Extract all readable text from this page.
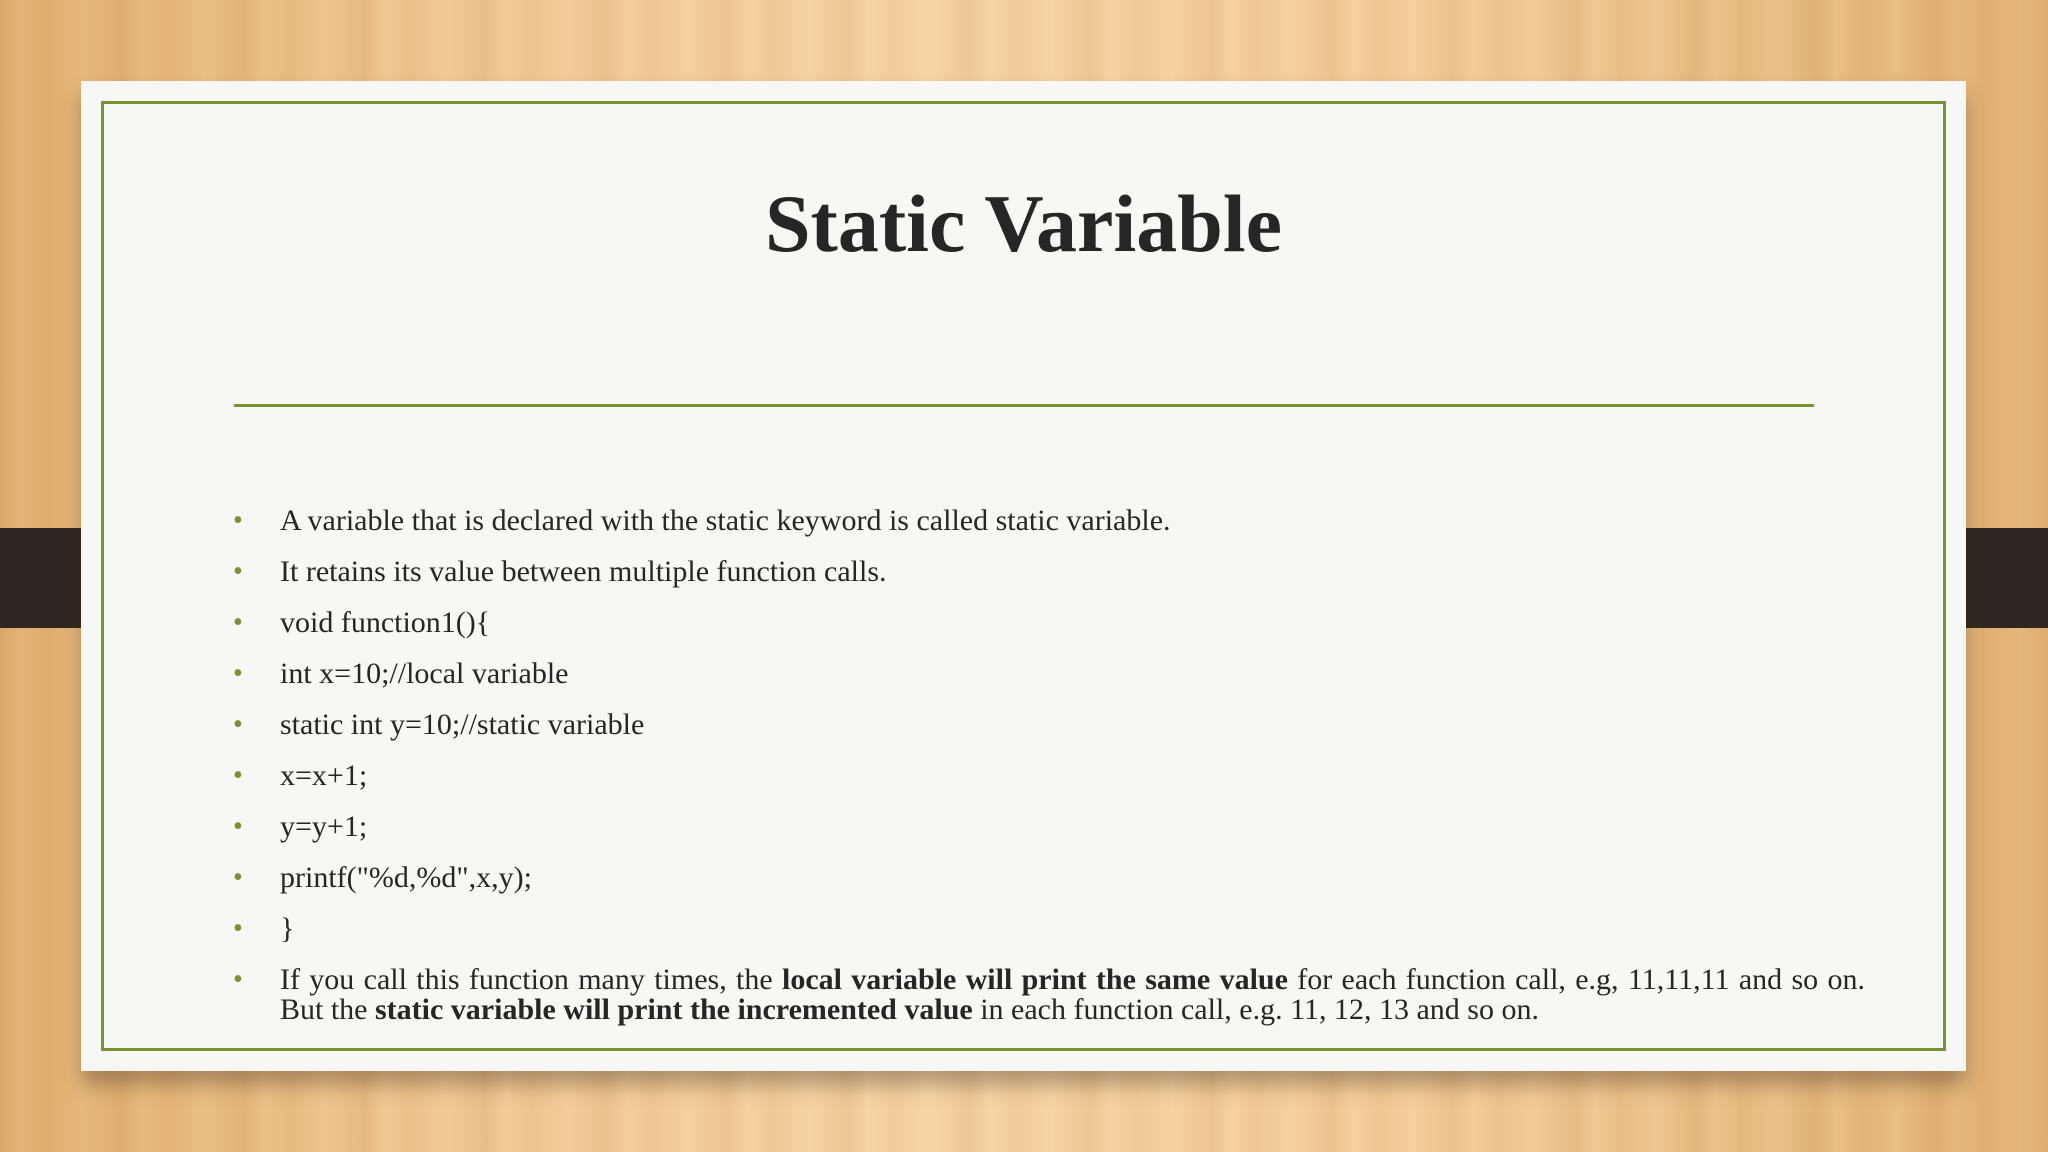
Static Variable
• A variable that is declared with the static keyword is called static variable.
• It retains its value between multiple function calls.
• void function1(){
• int x=10;//local variable
• static int y=10;//static variable
• x=x+1;
• y=y+1;
• printf("%d,%d",x,y);
• }
• If you call this function many times, the local variable will print the same value for each function call, e.g, 11,11,11 and so on. But the static variable will print the incremented value in each function call, e.g. 11, 12, 13 and so on.
